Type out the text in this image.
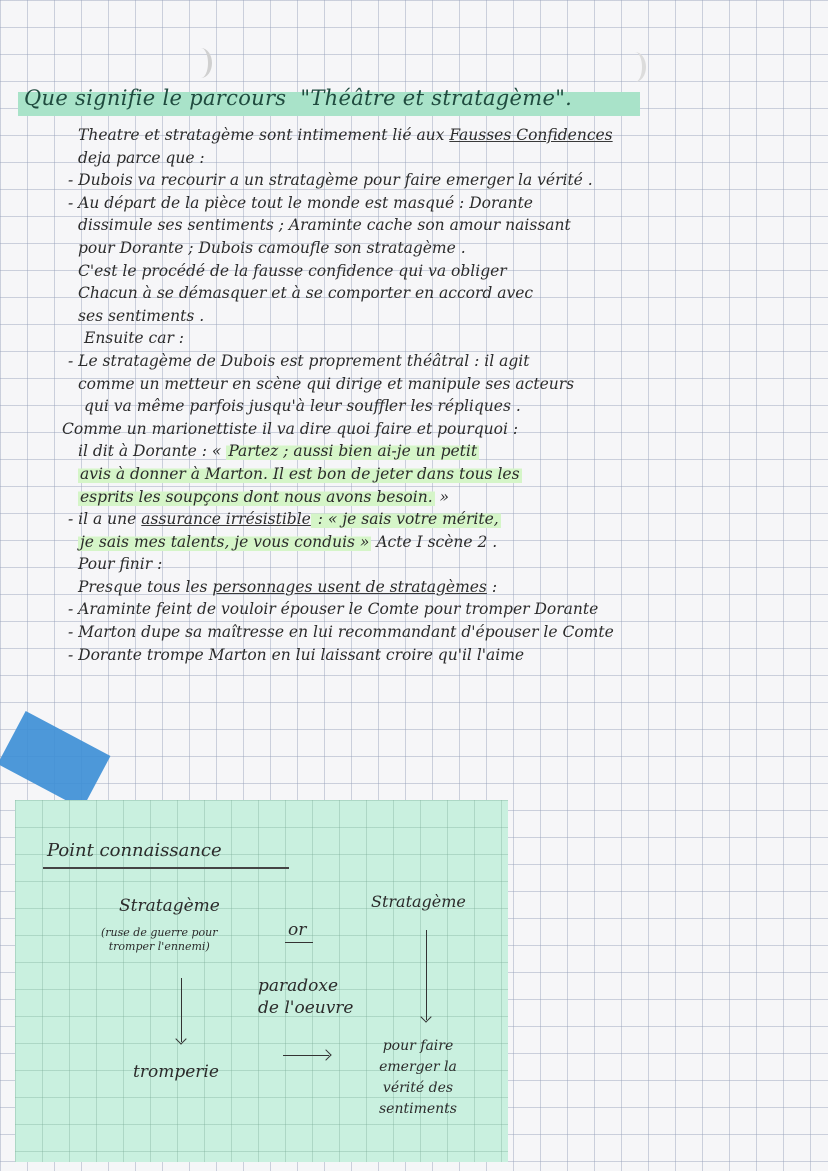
Que signifie le parcours "Théâtre et stratagème".
Theatre et stratagème sont intimement lié aux Fausses Confidences
deja parce que :
- Dubois va recourir a un stratagème pour faire emerger la vérité .
- Au départ de la pièce tout le monde est masqué : Dorante
dissimule ses sentiments ; Araminte cache son amour naissant
pour Dorante ; Dubois camoufle son stratagème .
C'est le procédé de la fausse confidence qui va obliger
Chacun à se démasquer et à se comporter en accord avec
ses sentiments .
Ensuite car :
- Le stratagème de Dubois est proprement théâtral : il agit
comme un metteur en scène qui dirige et manipule ses acteurs
qui va même parfois jusqu'à leur souffler les répliques .
Comme un marionettiste il va dire quoi faire et pourquoi :
il dit à Dorante : « Partez ; aussi bien ai-je un petit
avis à donner à Marton. Il est bon de jeter dans tous les
esprits les soupçons dont nous avons besoin. »
- il a une assurance irrésistible : « je sais votre mérite,
je sais mes talents, je vous conduis » Acte I scène 2 .
Pour finir :
Presque tous les personnages usent de stratagèmes :
- Araminte feint de vouloir épouser le Comte pour tromper Dorante
- Marton dupe sa maîtresse en lui recommandant d'épouser le Comte
- Dorante trompe Marton en lui laissant croire qu'il l'aime
Point connaissance
Stratagème
(ruse de guerre pour
tromper l'ennemi)
tromperie
or
paradoxe
de l'oeuvre
Stratagème
pour faire
emerger la
vérité des
sentiments
